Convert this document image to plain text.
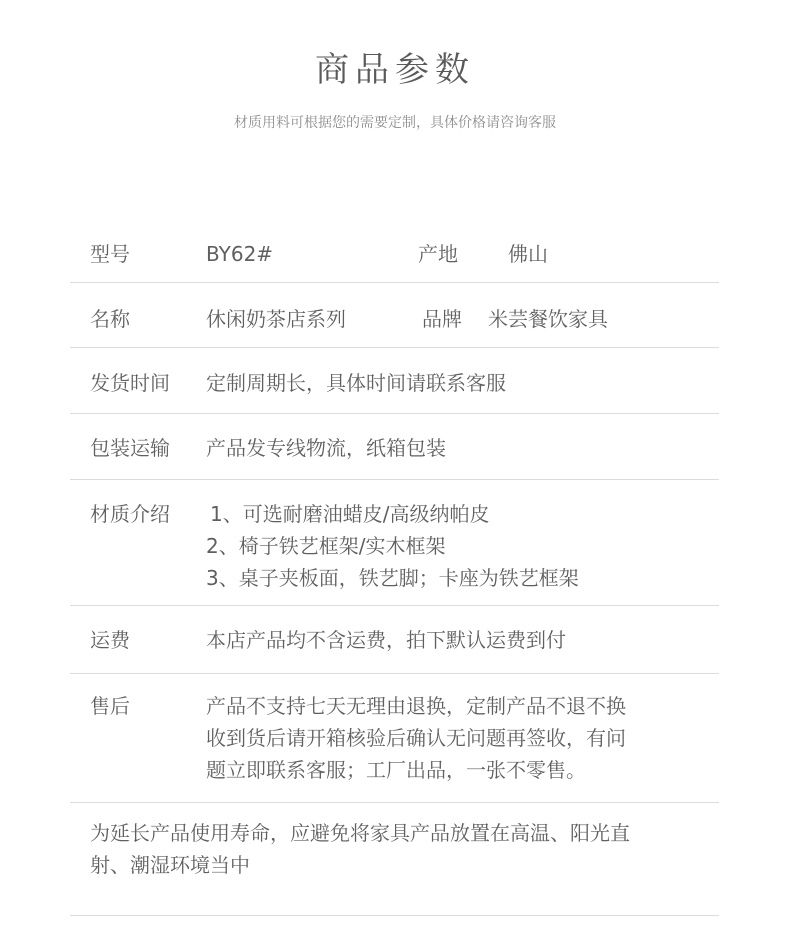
商品参数
材质用料可根据您的需要定制，具体价格请咨询客服
型号	BY62#	产地	佛山
名称	休闲奶茶店系列	品牌 米芸餐饮家具
发货时间 定制周期长，具体时间请联系客服
包装运输 产品发专线物流，纸箱包装
材质介绍 1、可选耐磨油蜡皮/高级纳帕皮
2、椅子铁艺框架/实木框架
3、桌子夹板面，铁艺脚；卡座为铁艺框架
运费	本店产品均不含运费，拍下默认运费到付
售后	产品不支持七天无理由退换，定制产品不退不换
收到货后请开箱核验后确认无问题再签收，有问
题立即联系客服；工厂出品，一张不零售。
为延长产品使用寿命，应避免将家具产品放置在高温、阳光直
射、潮湿环境当中
